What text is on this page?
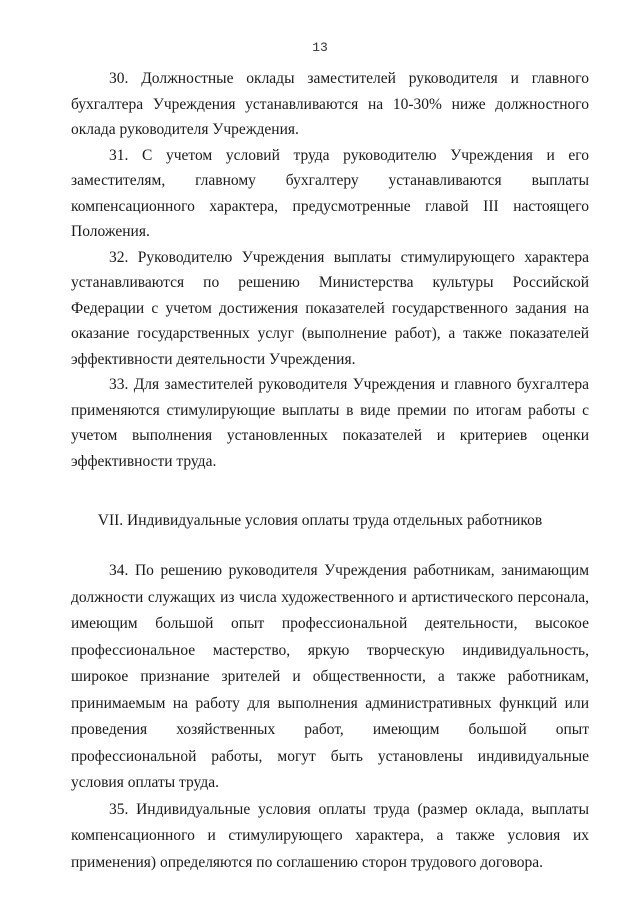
13

30. Должностные оклады заместителей руководителя и главного бухгалтера Учреждения устанавливаются на 10-30% ниже должностного оклада руководителя Учреждения.

31. С учетом условий труда руководителю Учреждения и его заместителям, главному бухгалтеру устанавливаются выплаты компенсационного характера, предусмотренные главой III настоящего Положения.

32. Руководителю Учреждения выплаты стимулирующего характера устанавливаются по решению Министерства культуры Российской Федерации с учетом достижения показателей государственного задания на оказание государственных услуг (выполнение работ), а также показателей эффективности деятельности Учреждения.

33. Для заместителей руководителя Учреждения и главного бухгалтера применяются стимулирующие выплаты в виде премии по итогам работы с учетом выполнения установленных показателей и критериев оценки эффективности труда.

VII. Индивидуальные условия оплаты труда отдельных работников

34. По решению руководителя Учреждения работникам, занимающим должности служащих из числа художественного и артистического персонала, имеющим большой опыт профессиональной деятельности, высокое профессиональное мастерство, яркую творческую индивидуальность, широкое признание зрителей и общественности, а также работникам, принимаемым на работу для выполнения административных функций или проведения хозяйственных работ, имеющим большой опыт профессиональной работы, могут быть установлены индивидуальные условия оплаты труда.

35. Индивидуальные условия оплаты труда (размер оклада, выплаты компенсационного и стимулирующего характера, а также условия их применения) определяются по соглашению сторон трудового договора.
